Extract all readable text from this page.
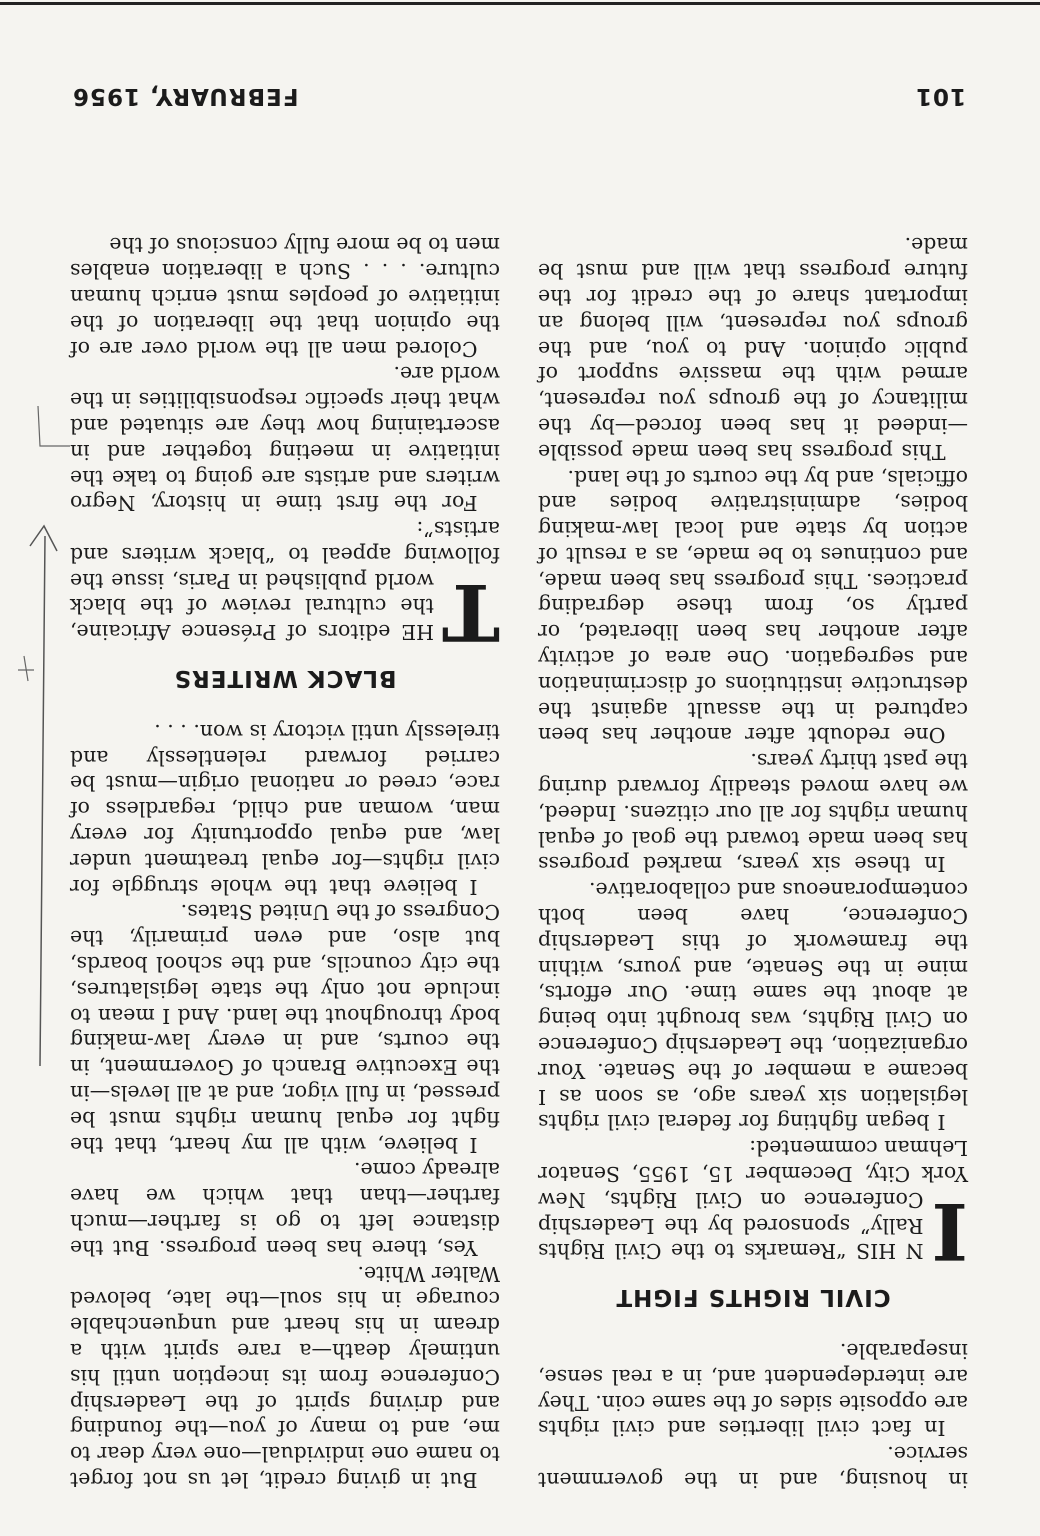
101
FEBRUARY, 1956

in housing, and in the government service.

In fact civil liberties and civil rights are opposite sides of the same coin. They are interdependent and, in a real sense, inseparable.

CIVIL RIGHTS FIGHT

I
N HIS “Remarks to the Civil Rights Rally” sponsored by the Leadership Conference on Civil Rights, New York City, December 15, 1955, Senator Lehman commented:

I began fighting for federal civil rights legislation six years ago, as soon as I became a member of the Senate. Your organization, the Leadership Conference on Civil Rights, was brought into being at about the same time. Our efforts, mine in the Senate, and yours, within the framework of this Leadership Conference, have been both contemporaneous and collaborative.

In these six years, marked progress has been made toward the goal of equal human rights for all our citizens. Indeed, we have moved steadily forward during the past thirty years.

One redoubt after another has been captured in the assault against the destructive institutions of discrimination and segregation. One area of activity after another has been liberated, or partly so, from these degrading practices. This progress has been made, and continues to be made, as a result of action by state and local law-making bodies, administrative bodies and officials, and by the courts of the land.

This progress has been made possible—indeed it has been forced—by the militancy of the groups you represent, armed with the massive support of public opinion. And to you, and the groups you represent, will belong an important share of the credit for the future progress that will and must be made.

But in giving credit, let us not forget to name one individual—one very dear to me, and to many of you—the founding and driving spirit of the Leadership Conference from its inception until his untimely death—a rare spirit with a dream in his heart and unquenchable courage in his soul—the late, beloved Walter White.

Yes, there has been progress. But the distance left to go is farther—much farther—than that which we have already come.

I believe, with all my heart, that the fight for equal human rights must be pressed, in full vigor, and at all levels—in the Executive Branch of Government, in the courts, and in every law-making body throughout the land. And I mean to include not only the state legislatures, the city councils, and the school boards, but also, and even primarily, the Congress of the United States.

I believe that the whole struggle for civil rights—for equal treatment under law, and equal opportunity for every man, woman and child, regardless of race, creed or national origin—must be carried forward relentlessly and tirelessly until victory is won. . . .

BLACK WRITERS

T
HE editors of Présence Africaine, the cultural review of the black world published in Paris, issue the following appeal to “black writers and artists”:

For the first time in history, Negro writers and artists are going to take the initiative in meeting together and in ascertaining how they are situated and what their specific responsibilities in the world are.

Colored men all the world over are of the opinion that the liberation of the initiative of peoples must enrich human culture. . . . Such a liberation enables men to be more fully conscious of the
